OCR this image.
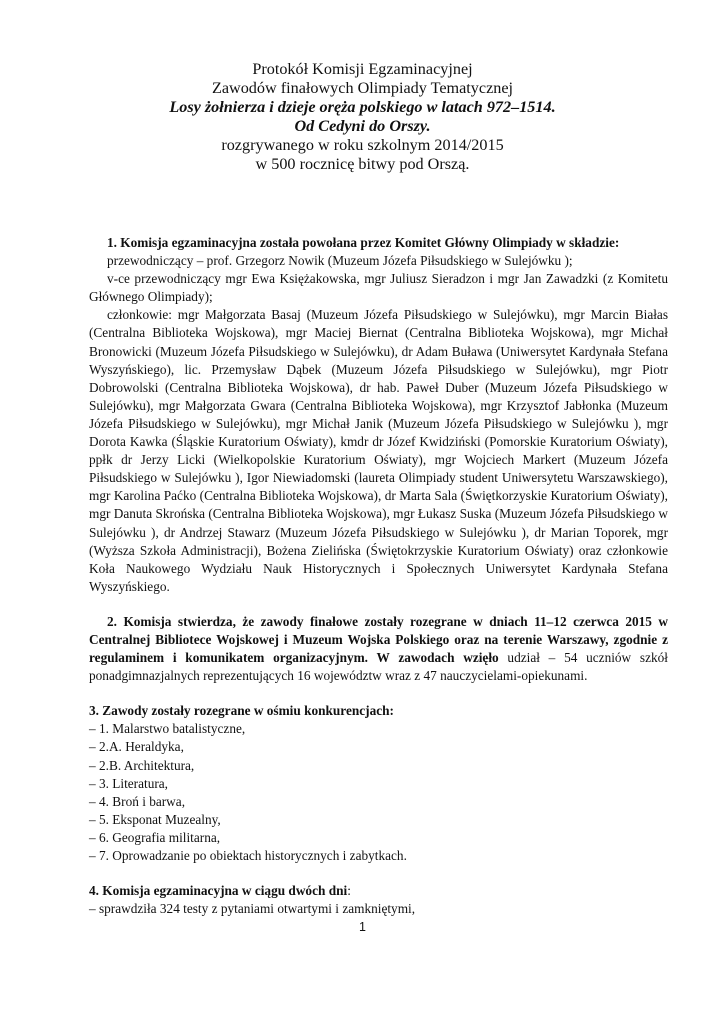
Protokół Komisji Egzaminacyjnej
Zawodów finałowych Olimpiady Tematycznej
Losy żołnierza i dzieje oręża polskiego w latach 972–1514.
Od Cedyni do Orszy.
rozgrywanego w roku szkolnym 2014/2015
w 500 rocznicę bitwy pod Orszą.

1. Komisja egzaminacyjna została powołana przez Komitet Główny Olimpiady w składzie:

przewodniczący – prof. Grzegorz Nowik (Muzeum Józefa Piłsudskiego w Sulejówku );

v-ce przewodniczący mgr Ewa Księżakowska, mgr Juliusz Sieradzon i mgr Jan Zawadzki (z Komitetu Głównego Olimpiady);

członkowie: mgr Małgorzata Basaj (Muzeum Józefa Piłsudskiego w Sulejówku), mgr Marcin Białas (Centralna Biblioteka Wojskowa), mgr Maciej Biernat (Centralna Biblioteka Wojskowa), mgr Michał Bronowicki (Muzeum Józefa Piłsudskiego w Sulejówku), dr Adam Buława (Uniwersytet Kardynała Stefana Wyszyńskiego), lic. Przemysław Dąbek (Muzeum Józefa Piłsudskiego w Sulejówku), mgr Piotr Dobrowolski (Centralna Biblioteka Wojskowa), dr hab. Paweł Duber (Muzeum Józefa Piłsudskiego w Sulejówku), mgr Małgorzata Gwara (Centralna Biblioteka Wojskowa), mgr Krzysztof Jabłonka (Muzeum Józefa Piłsudskiego w Sulejówku), mgr Michał Janik (Muzeum Józefa Piłsudskiego w Sulejówku ), mgr Dorota Kawka (Śląskie Kuratorium Oświaty), kmdr dr Józef Kwidziński (Pomorskie Kuratorium Oświaty), ppłk dr Jerzy Licki (Wielkopolskie Kuratorium Oświaty), mgr Wojciech Markert (Muzeum Józefa Piłsudskiego w Sulejówku ), Igor Niewiadomski (laureta Olimpiady student Uniwersytetu Warszawskiego), mgr Karolina Paćko (Centralna Biblioteka Wojskowa), dr Marta Sala (Świętkorzyskie Kuratorium Oświaty), mgr Danuta Skrońska (Centralna Biblioteka Wojskowa), mgr Łukasz Suska (Muzeum Józefa Piłsudskiego w Sulejówku ), dr Andrzej Stawarz (Muzeum Józefa Piłsudskiego w Sulejówku ), dr Marian Toporek, mgr (Wyższa Szkoła Administracji), Bożena Zielińska (Świętokrzyskie Kuratorium Oświaty) oraz członkowie Koła Naukowego Wydziału Nauk Historycznych i Społecznych Uniwersytet Kardynała Stefana Wyszyńskiego.

2. Komisja stwierdza, że zawody finałowe zostały rozegrane w dniach 11–12 czerwca 2015 w Centralnej Bibliotece Wojskowej i Muzeum Wojska Polskiego oraz na terenie Warszawy, zgodnie z regulaminem i komunikatem organizacyjnym. W zawodach wzięło udział – 54 uczniów szkół ponadgimnazjalnych reprezentujących 16 województw wraz z 47 nauczycielami-opiekunami.

3. Zawody zostały rozegrane w ośmiu konkurencjach:

– 1. Malarstwo batalistyczne,

– 2.A. Heraldyka,

– 2.B. Architektura,

– 3. Literatura,

– 4. Broń i barwa,

– 5. Eksponat Muzealny,

– 6. Geografia militarna,

– 7. Oprowadzanie po obiektach historycznych i zabytkach.

4. Komisja egzaminacyjna w ciągu dwóch dni:

– sprawdziła 324 testy z pytaniami otwartymi i zamkniętymi,

1
